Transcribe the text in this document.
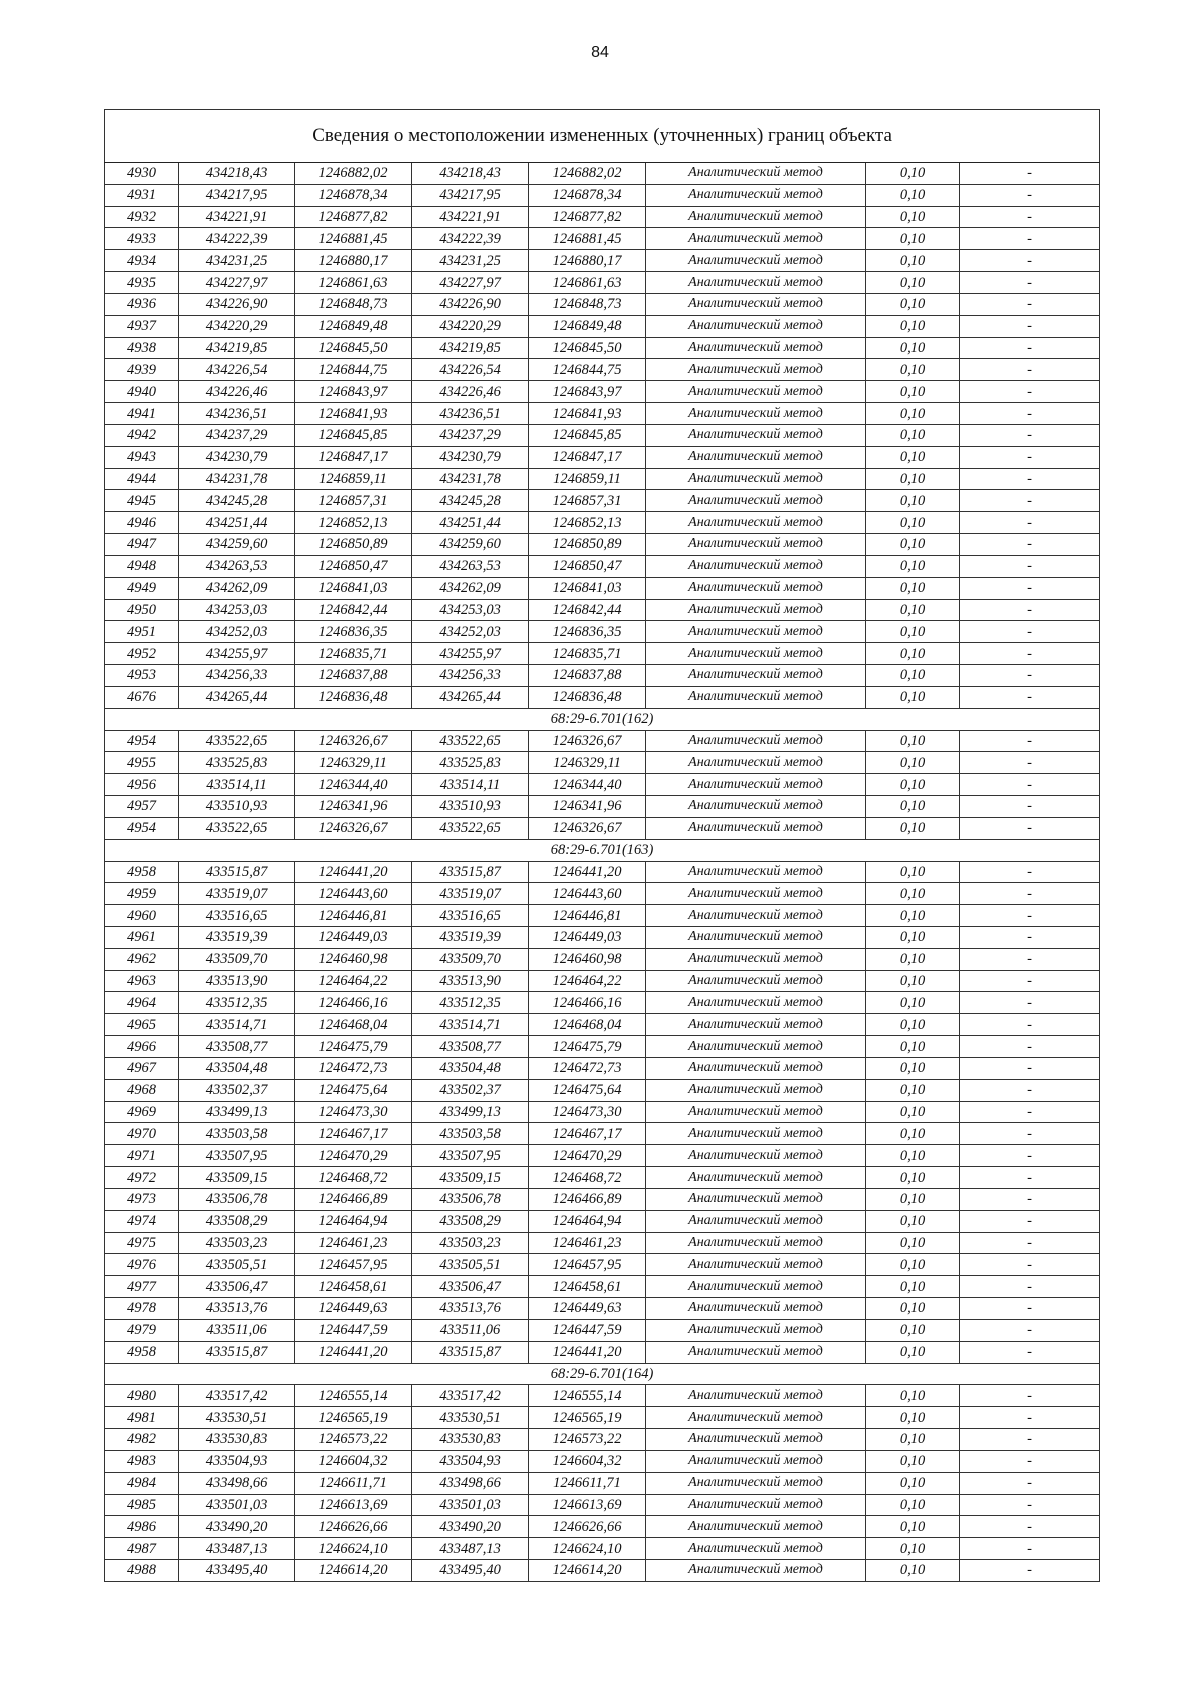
84
Сведения о местоположении измененных (уточненных) границ объекта							
4930	434218,43	1246882,02	434218,43	1246882,02	Аналитический метод	0,10	-
4931	434217,95	1246878,34	434217,95	1246878,34	Аналитический метод	0,10	-
4932	434221,91	1246877,82	434221,91	1246877,82	Аналитический метод	0,10	-
4933	434222,39	1246881,45	434222,39	1246881,45	Аналитический метод	0,10	-
4934	434231,25	1246880,17	434231,25	1246880,17	Аналитический метод	0,10	-
4935	434227,97	1246861,63	434227,97	1246861,63	Аналитический метод	0,10	-
4936	434226,90	1246848,73	434226,90	1246848,73	Аналитический метод	0,10	-
4937	434220,29	1246849,48	434220,29	1246849,48	Аналитический метод	0,10	-
4938	434219,85	1246845,50	434219,85	1246845,50	Аналитический метод	0,10	-
4939	434226,54	1246844,75	434226,54	1246844,75	Аналитический метод	0,10	-
4940	434226,46	1246843,97	434226,46	1246843,97	Аналитический метод	0,10	-
4941	434236,51	1246841,93	434236,51	1246841,93	Аналитический метод	0,10	-
4942	434237,29	1246845,85	434237,29	1246845,85	Аналитический метод	0,10	-
4943	434230,79	1246847,17	434230,79	1246847,17	Аналитический метод	0,10	-
4944	434231,78	1246859,11	434231,78	1246859,11	Аналитический метод	0,10	-
4945	434245,28	1246857,31	434245,28	1246857,31	Аналитический метод	0,10	-
4946	434251,44	1246852,13	434251,44	1246852,13	Аналитический метод	0,10	-
4947	434259,60	1246850,89	434259,60	1246850,89	Аналитический метод	0,10	-
4948	434263,53	1246850,47	434263,53	1246850,47	Аналитический метод	0,10	-
4949	434262,09	1246841,03	434262,09	1246841,03	Аналитический метод	0,10	-
4950	434253,03	1246842,44	434253,03	1246842,44	Аналитический метод	0,10	-
4951	434252,03	1246836,35	434252,03	1246836,35	Аналитический метод	0,10	-
4952	434255,97	1246835,71	434255,97	1246835,71	Аналитический метод	0,10	-
4953	434256,33	1246837,88	434256,33	1246837,88	Аналитический метод	0,10	-
4676	434265,44	1246836,48	434265,44	1246836,48	Аналитический метод	0,10	-
68:29-6.701(162)							
4954	433522,65	1246326,67	433522,65	1246326,67	Аналитический метод	0,10	-
4955	433525,83	1246329,11	433525,83	1246329,11	Аналитический метод	0,10	-
4956	433514,11	1246344,40	433514,11	1246344,40	Аналитический метод	0,10	-
4957	433510,93	1246341,96	433510,93	1246341,96	Аналитический метод	0,10	-
4954	433522,65	1246326,67	433522,65	1246326,67	Аналитический метод	0,10	-
68:29-6.701(163)							
4958	433515,87	1246441,20	433515,87	1246441,20	Аналитический метод	0,10	-
4959	433519,07	1246443,60	433519,07	1246443,60	Аналитический метод	0,10	-
4960	433516,65	1246446,81	433516,65	1246446,81	Аналитический метод	0,10	-
4961	433519,39	1246449,03	433519,39	1246449,03	Аналитический метод	0,10	-
4962	433509,70	1246460,98	433509,70	1246460,98	Аналитический метод	0,10	-
4963	433513,90	1246464,22	433513,90	1246464,22	Аналитический метод	0,10	-
4964	433512,35	1246466,16	433512,35	1246466,16	Аналитический метод	0,10	-
4965	433514,71	1246468,04	433514,71	1246468,04	Аналитический метод	0,10	-
4966	433508,77	1246475,79	433508,77	1246475,79	Аналитический метод	0,10	-
4967	433504,48	1246472,73	433504,48	1246472,73	Аналитический метод	0,10	-
4968	433502,37	1246475,64	433502,37	1246475,64	Аналитический метод	0,10	-
4969	433499,13	1246473,30	433499,13	1246473,30	Аналитический метод	0,10	-
4970	433503,58	1246467,17	433503,58	1246467,17	Аналитический метод	0,10	-
4971	433507,95	1246470,29	433507,95	1246470,29	Аналитический метод	0,10	-
4972	433509,15	1246468,72	433509,15	1246468,72	Аналитический метод	0,10	-
4973	433506,78	1246466,89	433506,78	1246466,89	Аналитический метод	0,10	-
4974	433508,29	1246464,94	433508,29	1246464,94	Аналитический метод	0,10	-
4975	433503,23	1246461,23	433503,23	1246461,23	Аналитический метод	0,10	-
4976	433505,51	1246457,95	433505,51	1246457,95	Аналитический метод	0,10	-
4977	433506,47	1246458,61	433506,47	1246458,61	Аналитический метод	0,10	-
4978	433513,76	1246449,63	433513,76	1246449,63	Аналитический метод	0,10	-
4979	433511,06	1246447,59	433511,06	1246447,59	Аналитический метод	0,10	-
4958	433515,87	1246441,20	433515,87	1246441,20	Аналитический метод	0,10	-
68:29-6.701(164)							
4980	433517,42	1246555,14	433517,42	1246555,14	Аналитический метод	0,10	-
4981	433530,51	1246565,19	433530,51	1246565,19	Аналитический метод	0,10	-
4982	433530,83	1246573,22	433530,83	1246573,22	Аналитический метод	0,10	-
4983	433504,93	1246604,32	433504,93	1246604,32	Аналитический метод	0,10	-
4984	433498,66	1246611,71	433498,66	1246611,71	Аналитический метод	0,10	-
4985	433501,03	1246613,69	433501,03	1246613,69	Аналитический метод	0,10	-
4986	433490,20	1246626,66	433490,20	1246626,66	Аналитический метод	0,10	-
4987	433487,13	1246624,10	433487,13	1246624,10	Аналитический метод	0,10	-
4988	433495,40	1246614,20	433495,40	1246614,20	Аналитический метод	0,10	-
